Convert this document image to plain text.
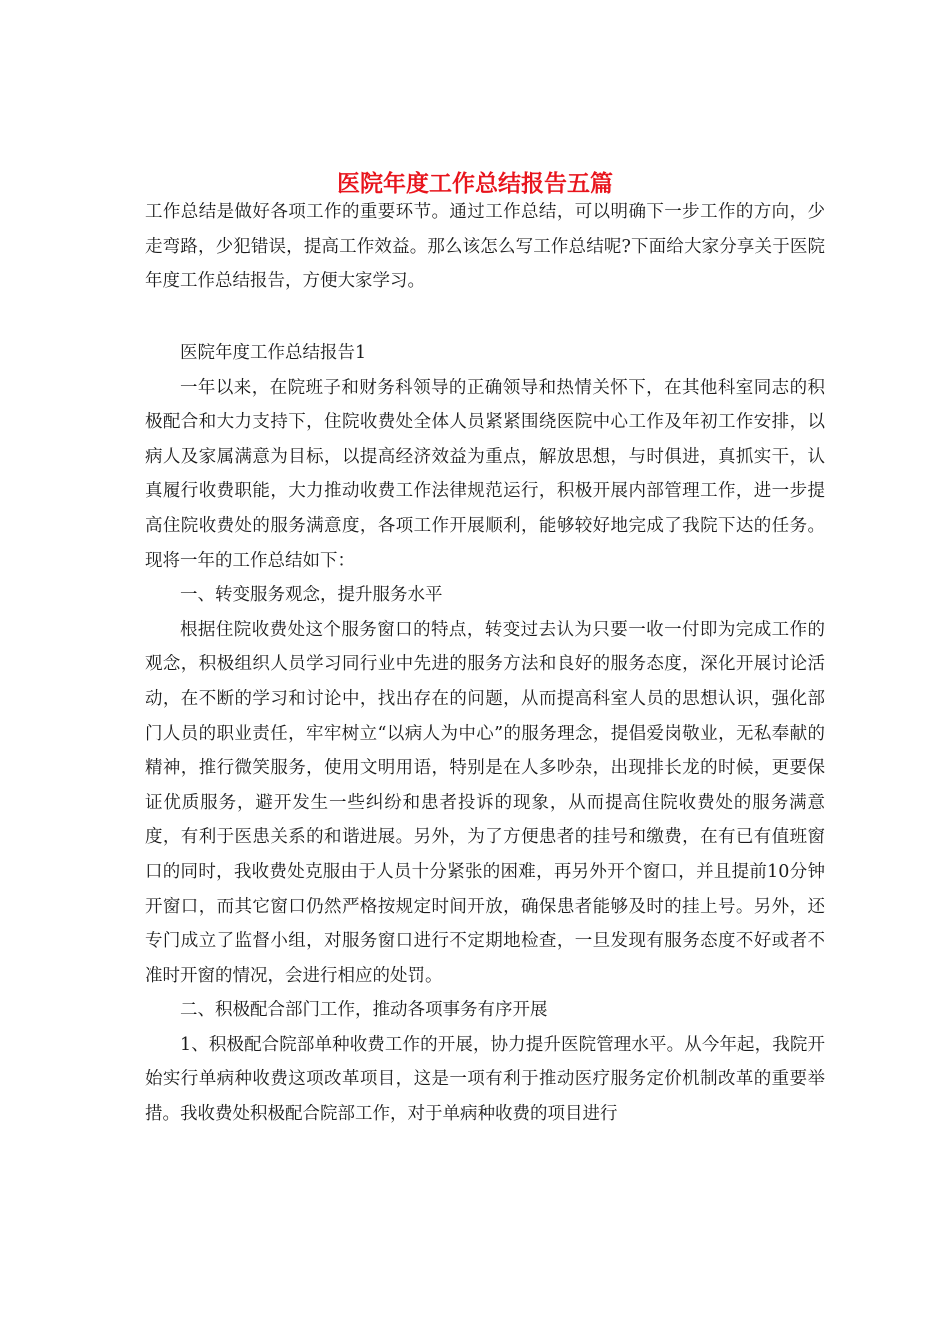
医院年度工作总结报告五篇

工作总结是做好各项工作的重要环节。通过工作总结，可以明确下一步工作的方向，少走弯路，少犯错误，提高工作效益。那么该怎么写工作总结呢?下面给大家分享关于医院年度工作总结报告，方便大家学习。

医院年度工作总结报告1

一年以来，在院班子和财务科领导的正确领导和热情关怀下，在其他科室同志的积极配合和大力支持下，住院收费处全体人员紧紧围绕医院中心工作及年初工作安排，以病人及家属满意为目标，以提高经济效益为重点，解放思想，与时俱进，真抓实干，认真履行收费职能，大力推动收费工作法律规范运行，积极开展内部管理工作，进一步提高住院收费处的服务满意度，各项工作开展顺利，能够较好地完成了我院下达的任务。现将一年的工作总结如下：

一、转变服务观念，提升服务水平

根据住院收费处这个服务窗口的特点，转变过去认为只要一收一付即为完成工作的观念，积极组织人员学习同行业中先进的服务方法和良好的服务态度，深化开展讨论活动，在不断的学习和讨论中，找出存在的问题，从而提高科室人员的思想认识，强化部门人员的职业责任，牢牢树立“以病人为中心”的服务理念，提倡爱岗敬业，无私奉献的精神，推行微笑服务，使用文明用语，特别是在人多吵杂，出现排长龙的时候，更要保证优质服务，避开发生一些纠纷和患者投诉的现象，从而提高住院收费处的服务满意度，有利于医患关系的和谐进展。另外，为了方便患者的挂号和缴费，在有已有值班窗口的同时，我收费处克服由于人员十分紧张的困难，再另外开个窗口，并且提前10分钟开窗口，而其它窗口仍然严格按规定时间开放，确保患者能够及时的挂上号。另外，还专门成立了监督小组，对服务窗口进行不定期地检查，一旦发现有服务态度不好或者不准时开窗的情况，会进行相应的处罚。

二、积极配合部门工作，推动各项事务有序开展

1、积极配合院部单种收费工作的开展，协力提升医院管理水平。从今年起，我院开始实行单病种收费这项改革项目，这是一项有利于推动医疗服务定价机制改革的重要举措。我收费处积极配合院部工作，对于单病种收费的项目进行
